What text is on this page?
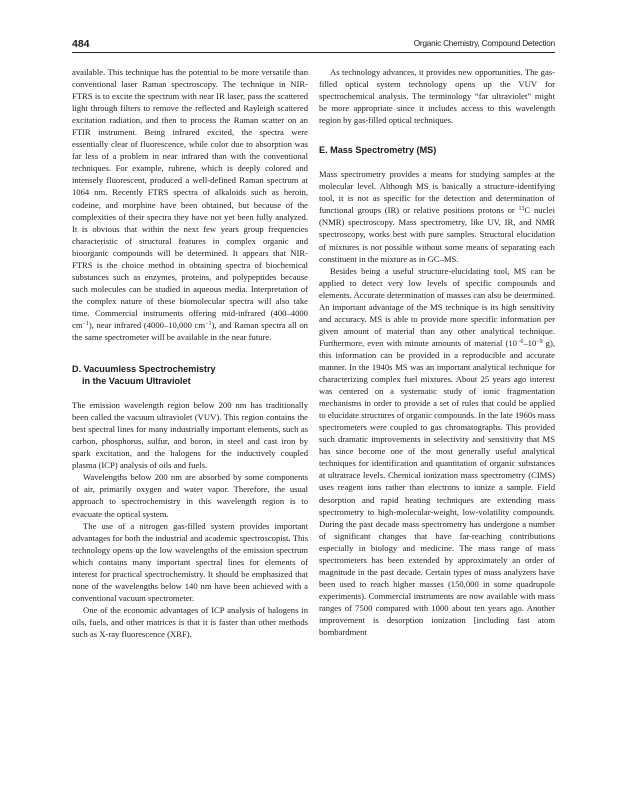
484	Organic Chemistry, Compound Detection

available. This technique has the potential to be more versatile than conventional laser Raman spectroscopy. The technique in NIR-FTRS is to excite the spectrum with near IR laser, pass the scattered light through filters to remove the reflected and Rayleigh scattered excitation radiation, and then to process the Raman scatter on an FTIR instrument. Being infrared excited, the spectra were essentially clear of fluorescence, while color due to absorption was far less of a problem in near infrared than with the conventional techniques. For example, rubrene, which is deeply colored and intensely fluorescent, produced a well-defined Raman spectrum at 1064 nm. Recently FTRS spectra of alkaloids such as heroin, codeine, and morphine have been obtained, but because of the complexities of their spectra they have not yet been fully analyzed. It is obvious that within the next few years group frequencies characteristic of structural features in complex organic and bioorganic compounds will be determined. It appears that NIR-FTRS is the choice method in obtaining spectra of biochemical substances such as enzymes, proteins, and polypeptides because such molecules can be studied in aqueous media. Interpretation of the complex nature of these biomolecular spectra will also take time. Commercial instruments offering mid-infrared (400–4000 $cm^{-1}$), near infrared (4000–10,000 $cm^{-1}$), and Raman spectra all on the same spectrometer will be available in the near future.

D. Vacuumless Spectrochemistry
in the Vacuum Ultraviolet

The emission wavelength region below 200 nm has traditionally been called the vacuum ultraviolet (VUV). This region contains the best spectral lines for many industrially important elements, such as carbon, phosphorus, sulfur, and boron, in steel and cast iron by spark excitation, and the halogens for the inductively coupled plasma (ICP) analysis of oils and fuels.

Wavelengths below 200 nm are absorbed by some components of air, primarily oxygen and water vapor. Therefore, the usual approach to spectrochemistry in this wavelength region is to evacuate the optical system.

The use of a nitrogen gas-filled system provides important advantages for both the industrial and academic spectroscopist. This technology opens up the low wavelengths of the emission spectrum which contains many important spectral lines for elements of interest for practical spectrochemistry. It should be emphasized that none of the wavelengths below 140 nm have been achieved with a conventional vacuum spectrometer.

One of the economic advantages of ICP analysis of halogens in oils, fuels, and other matrices is that it is faster than other methods such as X-ray fluorescence (XRF).

As technology advances, it provides new opportunities. The gas-filled optical system technology opens up the VUV for spectrochemical analysis. The terminology “far ultraviolet” might be more appropriate since it includes access to this wavelength region by gas-filled optical techniques.

E. Mass Spectrometry (MS)

Mass spectrometry provides a means for studying samples at the molecular level. Although MS is basically a structure-identifying tool, it is not as specific for the detection and determination of functional groups (IR) or relative positions protons or $^{13}$C nuclei (NMR) spectroscopy. Mass spectrometry, like UV, IR, and NMR spectroscopy, works best with pure samples. Structural elucidation of mixtures is not possible without some means of separating each constituent in the mixture as in GC–MS.

Besides being a useful structure-elucidating tool, MS can be applied to detect very low levels of specific compounds and elements. Accurate determination of masses can also be determined. An important advantage of the MS technique is its high sensitivity and accuracy. MS is able to provide more specific information per given amount of material than any other analytical technique. Furthermore, even with minute amounts of material ($10^{-6}-10^{-9}$ g), this information can be provided in a reproducible and accurate manner. In the 1940s MS was an important analytical technique for characterizing complex fuel mixtures. About 25 years ago interest was centered on a systematic study of ionic fragmentation mechanisms in order to provide a set of rules that could be applied to elucidate structures of organic compounds. In the late 1960s mass spectrometers were coupled to gas chromatographs. This provided such dramatic improvements in selectivity and sensitivity that MS has since become one of the most generally useful analytical techniques for identification and quantitation of organic substances at ultratrace levels. Chemical ionization mass spectrometry (CIMS) uses reagent ions rather than electrons to ionize a sample. Field desorption and rapid heating techniques are extending mass spectrometry to high-molecular-weight, low-volatility compounds. During the past decade mass spectrometry has undergone a number of significant changes that have far-reaching contributions especially in biology and medicine. The mass range of mass spectrometers has been extended by approximately an order of magnitude in the past decade. Certain types of mass analyzers have been used to reach higher masses (150,000 in some quadrupole experiments). Commercial instruments are now available with mass ranges of 7500 compared with 1000 about ten years ago. Another improvement is desorption ionization [including fast atom bombardment
